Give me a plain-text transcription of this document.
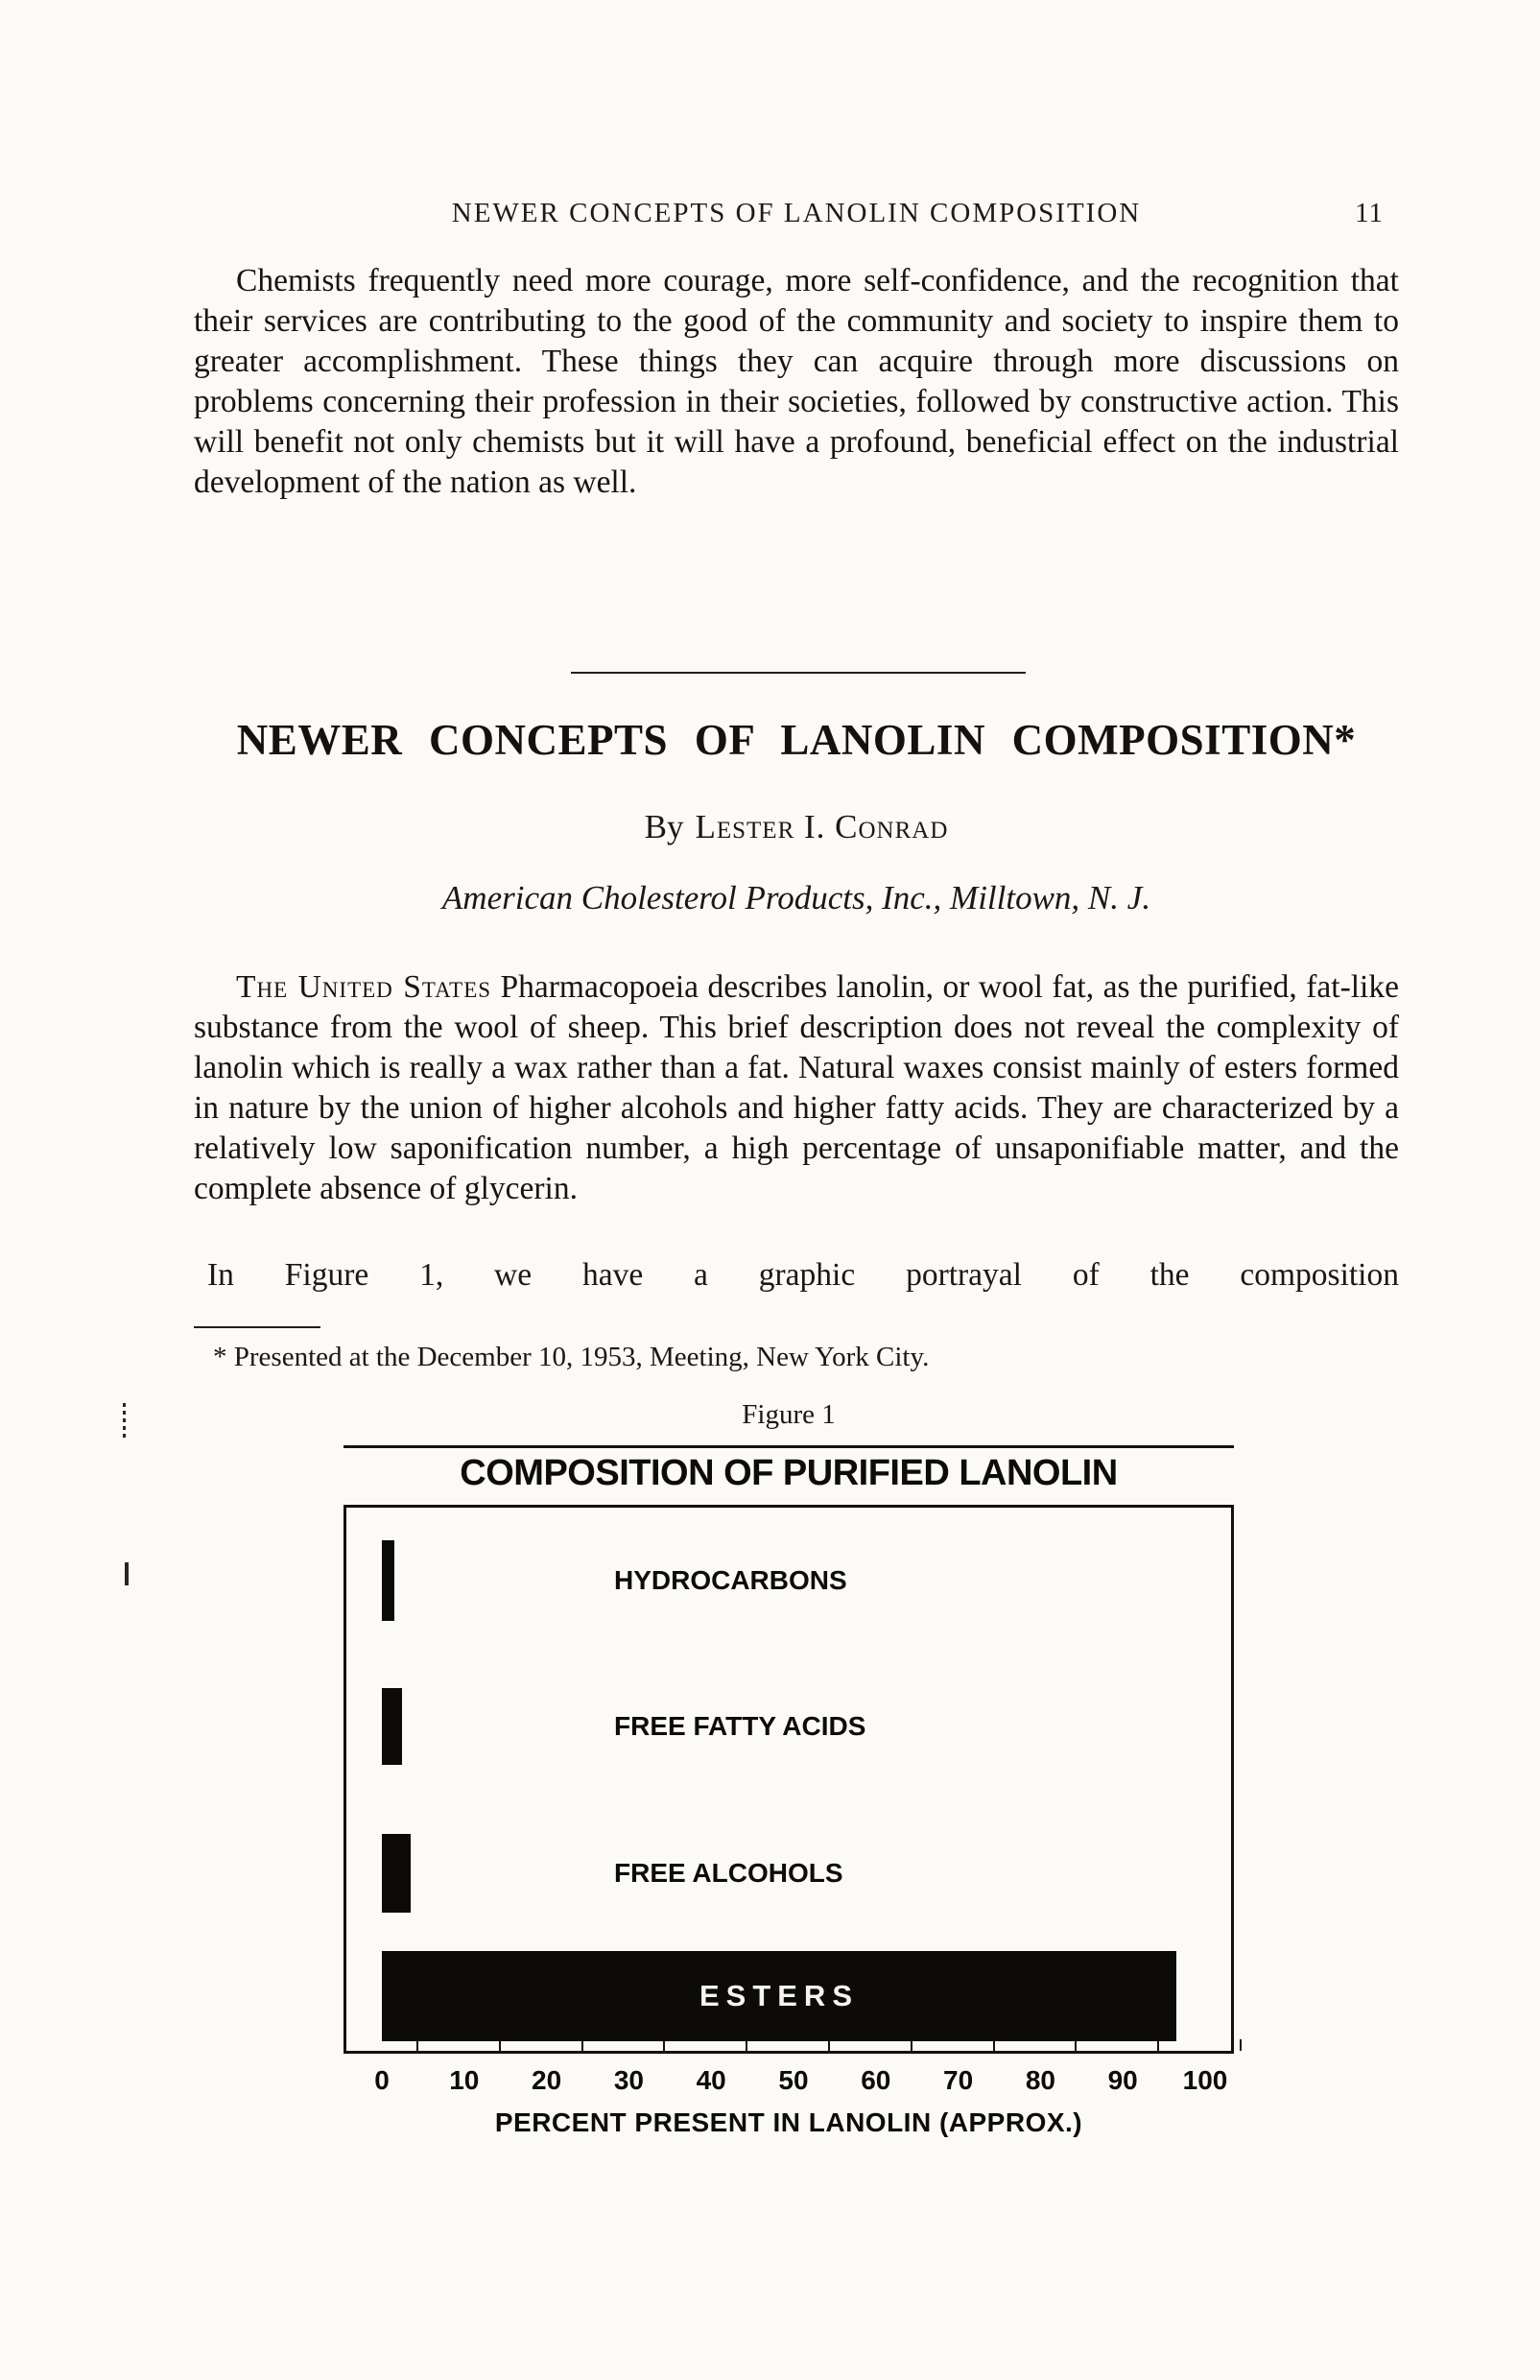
NEWER CONCEPTS OF LANOLIN COMPOSITION	11

Chemists frequently need more courage, more self-confidence, and the recognition that their services are contributing to the good of the community and society to inspire them to greater accomplishment. These things they can acquire through more discussions on problems concerning their profession in their societies, followed by constructive action. This will benefit not only chemists but it will have a profound, beneficial effect on the industrial development of the nation as well.

NEWER CONCEPTS OF LANOLIN COMPOSITION*

By Lester I. Conrad

American Cholesterol Products, Inc., Milltown, N. J.

The United States Pharmacopoeia describes lanolin, or wool fat, as the purified, fat-like substance from the wool of sheep. This brief description does not reveal the complexity of lanolin which is really a wax rather than a fat. Natural waxes consist mainly of esters formed in nature by the union of higher alcohols and higher fatty acids. They are characterized by a relatively low saponification number, a high percentage of unsaponifiable matter, and the complete absence of glycerin.

In Figure 1, we have a graphic portrayal of the composition

* Presented at the December 10, 1953, Meeting, New York City.

Figure 1

COMPOSITION OF PURIFIED LANOLIN
HYDROCARBONS
FREE FATTY ACIDS
FREE ALCOHOLS
ESTERS
0 10 20 30 40 50 60 70 80 90 100

PERCENT PRESENT IN LANOLIN (APPROX.)
